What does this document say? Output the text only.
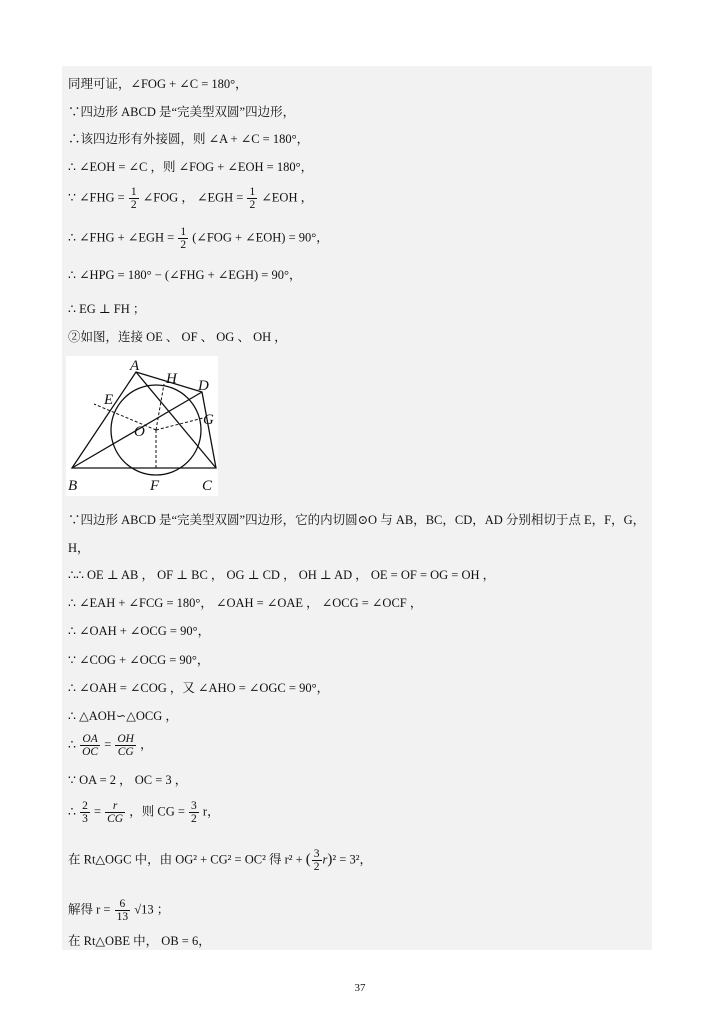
同理可证，∠FOG + ∠C = 180°，
∵四边形 ABCD 是“完美型双圆”四边形，
∴该四边形有外接圆，则 ∠A + ∠C = 180°，
∴ ∠EOH = ∠C ，则 ∠FOG + ∠EOH = 180°，
∵ ∠FHG = $\frac{1}{2}$ ∠FOG ， ∠EGH = $\frac{1}{2}$ ∠EOH ，
∴ ∠FHG + ∠EGH = $\frac{1}{2}$ (∠FOG + ∠EOH) = 90°，
∴ ∠HPG = 180° − (∠FHG + ∠EGH) = 90°，
∴ EG ⊥ FH ；
②如图，连接 OE 、 OF 、 OG 、 OH ，
A
H D
E
G
O
B	F	C
∵四边形 ABCD 是“完美型双圆”四边形，它的内切圆⊙O 与 AB，BC，CD，AD 分别相切于点 E，F，G，
H，
∴∴ OE ⊥ AB ， OF ⊥ BC ， OG ⊥ CD ， OH ⊥ AD ， OE = OF = OG = OH ，
∴ ∠EAH + ∠FCG = 180°， ∠OAH = ∠OAE ， ∠OCG = ∠OCF ，
∴ ∠OAH + ∠OCG = 90°，
∵ ∠COG + ∠OCG = 90°，
∴ ∠OAH = ∠COG ，又 ∠AHO = ∠OGC = 90°，
∴ △AOH∽△OCG ，
∴ $\frac{OA}{OC} = \frac{OH}{CG}$ ，
∵ OA = 2 ， OC = 3 ，
∴ $\frac{2}{3} = \frac{r}{CG}$ ，则 CG = $\frac{3}{2}$ r，
在 Rt△OGC 中，由 OG² + CG² = OC² 得 r² + ( $\frac{3}{2} r)^2 = 3^2$，
解得 $r = \frac{6}{13} √13$ ；
在 Rt△OBE 中， OB = 6，
37
